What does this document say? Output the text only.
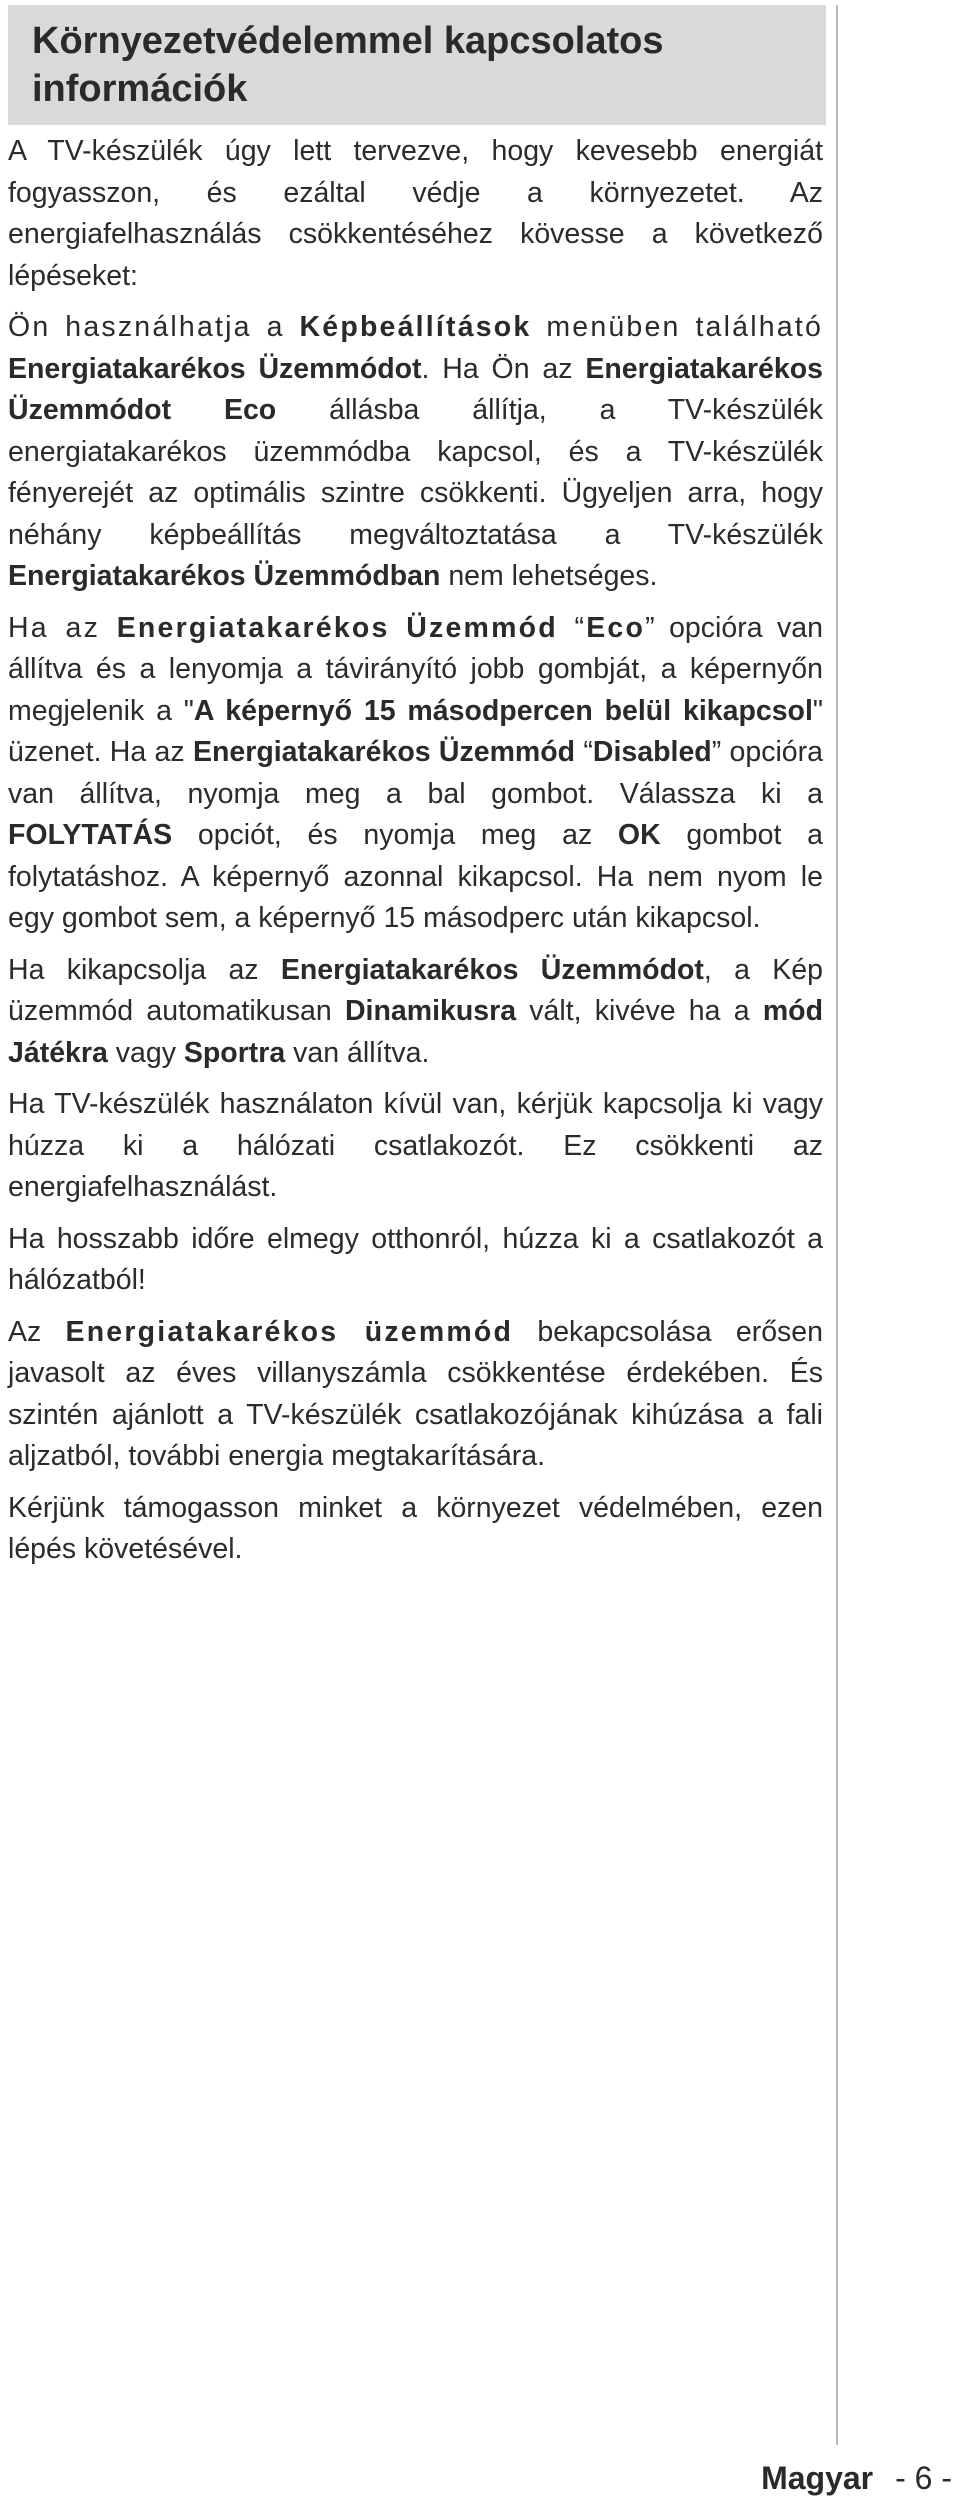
Környezetvédelemmel kapcsolatos információk

A TV-készülék úgy lett tervezve, hogy kevesebb energiát fogyasszon, és ezáltal védje a környezetet. Az energiafelhasználás csökkentéséhez kövesse a következő lépéseket:

Ön használhatja a Képbeállítások menüben található Energiatakarékos Üzemmódot. Ha Ön az Energiatakarékos Üzemmódot Eco állásba állítja, a TV-készülék energiatakarékos üzemmódba kapcsol, és a TV-készülék fényerejét az optimális szintre csökkenti. Ügyeljen arra, hogy néhány képbeállítás megváltoztatása a TV-készülék Energiatakarékos Üzemmódban nem lehetséges.

Ha az Energiatakarékos Üzemmód “Eco” opcióra van állítva és a lenyomja a távirányító jobb gombját, a képernyőn megjelenik a "A képernyő 15 másodpercen belül kikapcsol" üzenet. Ha az Energiatakarékos Üzemmód “Disabled” opcióra van állítva, nyomja meg a bal gombot. Válassza ki a FOLYTATÁS opciót, és nyomja meg az OK gombot a folytatáshoz. A képernyő azonnal kikapcsol. Ha nem nyom le egy gombot sem, a képernyő 15 másodperc után kikapcsol.

Ha kikapcsolja az Energiatakarékos Üzemmódot, a Kép üzemmód automatikusan Dinamikusra vált, kivéve ha a mód Játékra vagy Sportra van állítva.

Ha TV-készülék használaton kívül van, kérjük kapcsolja ki vagy húzza ki a hálózati csatlakozót. Ez csökkenti az energiafelhasználást.

Ha hosszabb időre elmegy otthonról, húzza ki a csatlakozót a hálózatból!

Az Energiatakarékos üzemmód bekapcsolása erősen javasolt az éves villanyszámla csökkentése érdekében. És szintén ajánlott a TV-készülék csatlakozójának kihúzása a fali aljzatból, további energia megtakarítására.

Kérjünk támogasson minket a környezet védelmében, ezen lépés követésével.

Magyar - 6 -
